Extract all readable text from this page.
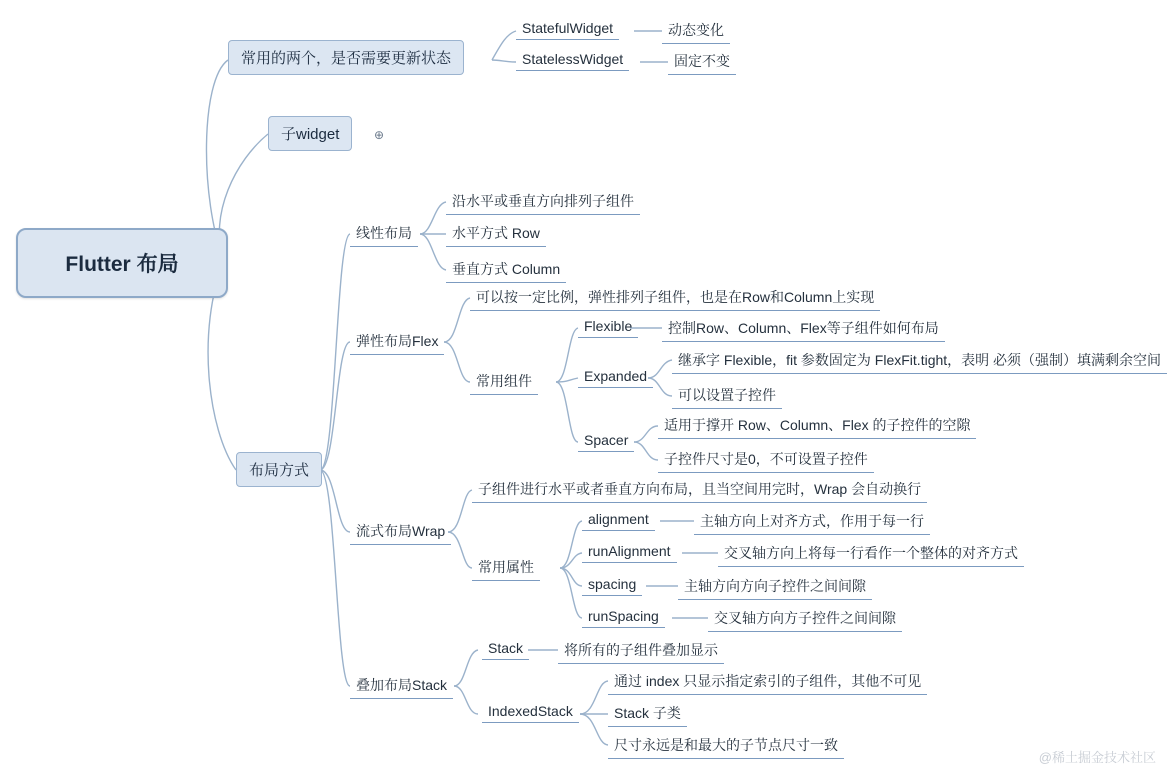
Flutter 布局
常用的两个，是否需要更新状态
子widget	⊕
布局方式
StatefulWidget	动态变化
StatelessWidget	固定不变
线性布局
沿水平或垂直方向排列子组件
水平方式 Row
垂直方式 Column
弹性布局Flex
可以按一定比例，弹性排列子组件，也是在Row和Column上实现
常用组件
Flexible	控制Row、Column、Flex等子组件如何布局
Expanded
继承字 Flexible，fit 参数固定为 FlexFit.tight，表明 必须（强制）填满剩余空间
可以设置子控件
Spacer
适用于撑开 Row、Column、Flex 的子控件的空隙
子控件尺寸是0，不可设置子控件
流式布局Wrap
子组件进行水平或者垂直方向布局，且当空间用完时，Wrap 会自动换行
常用属性
alignment	主轴方向上对齐方式，作用于每一行
runAlignment	交叉轴方向上将每一行看作一个整体的对齐方式
spacing	主轴方向方向子控件之间间隙
runSpacing	交叉轴方向方子控件之间间隙
叠加布局Stack
Stack	将所有的子组件叠加显示
IndexedStack
通过 index 只显示指定索引的子组件，其他不可见
Stack 子类
尺寸永远是和最大的子节点尺寸一致
@稀土掘金技术社区
